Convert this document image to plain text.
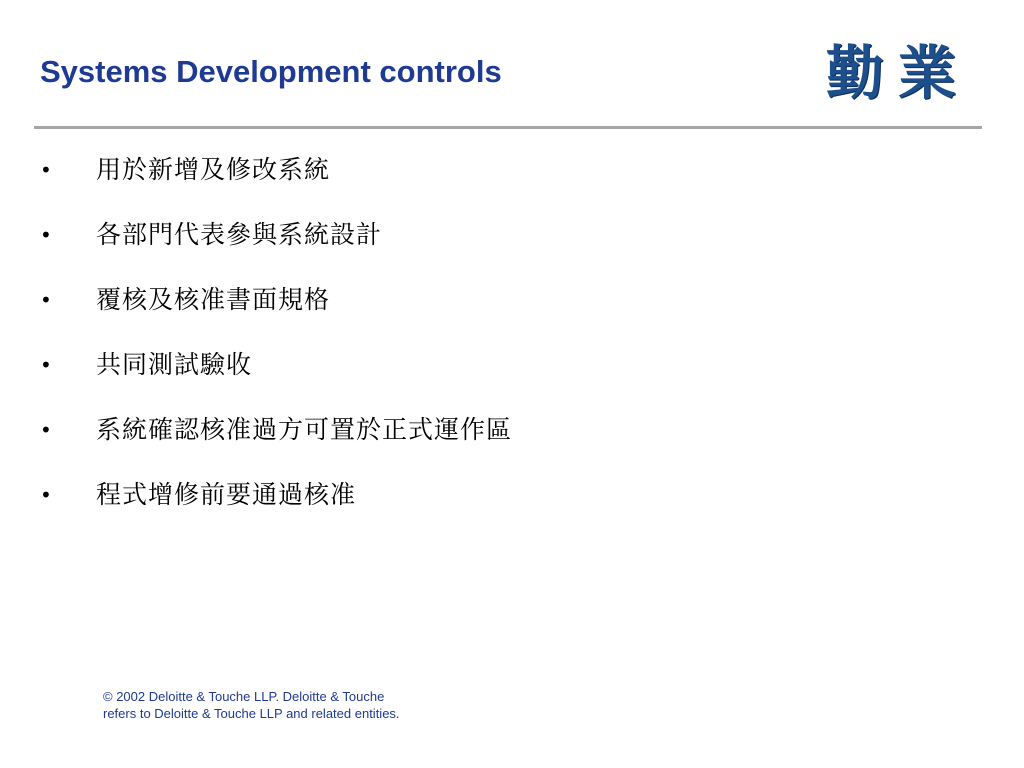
Systems Development controls	勤業
•	用於新增及修改系統
•	各部門代表參與系統設計
•	覆核及核准書面規格
•	共同測試驗收
•	系統確認核准過方可置於正式運作區
•	程式增修前要通過核准
© 2002 Deloitte & Touche LLP. Deloitte & Touche
refers to Deloitte & Touche LLP and related entities.
